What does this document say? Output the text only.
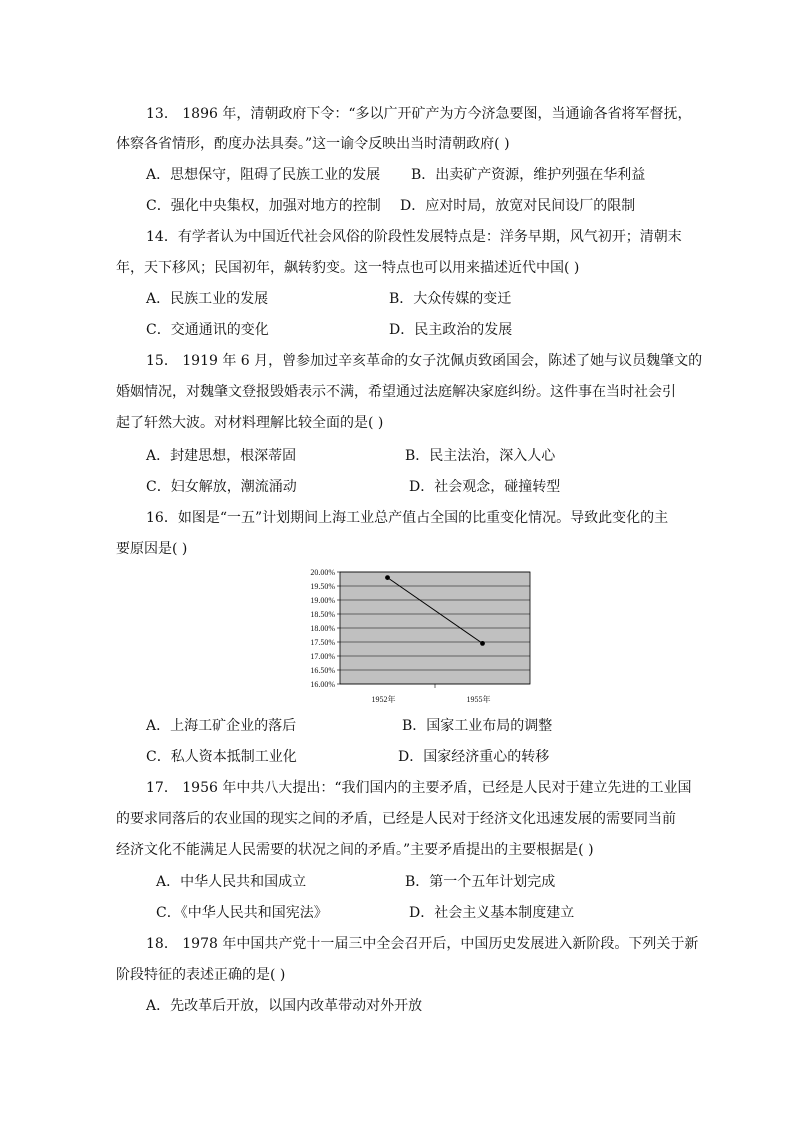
13． 1896 年，清朝政府下令：“多以广开矿产为方今济急要图，当通谕各省将军督抚，
体察各省情形，酌度办法具奏。”这一谕令反映出当时清朝政府( )
A．思想保守，阻碍了民族工业的发展 B．出卖矿产资源，维护列强在华利益
C．强化中央集权，加强对地方的控制 D．应对时局，放宽对民间设厂的限制
14．有学者认为中国近代社会风俗的阶段性发展特点是：洋务早期，风气初开；清朝末
年，天下移风；民国初年，飙转豹变。这一特点也可以用来描述近代中国( )
A．民族工业的发展	B．大众传媒的变迁
C．交通通讯的变化	D．民主政治的发展
15． 1919 年 6 月，曾参加过辛亥革命的女子沈佩贞致函国会，陈述了她与议员魏肇文的
婚姻情况，对魏肇文登报毁婚表示不满，希望通过法庭解决家庭纠纷。这件事在当时社会引
起了轩然大波。对材料理解比较全面的是( )
A．封建思想，根深蒂固	B．民主法治，深入人心
C．妇女解放，潮流涌动	D．社会观念，碰撞转型
16．如图是“一五”计划期间上海工业总产值占全国的比重变化情况。导致此变化的主
要原因是( )
20.00%
19.50%
19.00%
18.50%
18.00%
17.50%
17.00%
16.50%
16.00%
1952年	1955年
A．上海工矿企业的落后	B．国家工业布局的调整
C．私人资本抵制工业化	D．国家经济重心的转移
17． 1956 年中共八大提出：“我们国内的主要矛盾，已经是人民对于建立先进的工业国
的要求同落后的农业国的现实之间的矛盾，已经是人民对于经济文化迅速发展的需要同当前
经济文化不能满足人民需要的状况之间的矛盾。”主要矛盾提出的主要根据是( )
A．中华人民共和国成立	B．第一个五年计划完成
C．《中华人民共和国宪法》	D．社会主义基本制度建立
18． 1978 年中国共产党十一届三中全会召开后，中国历史发展进入新阶段。下列关于新
阶段特征的表述正确的是( )
A．先改革后开放，以国内改革带动对外开放
